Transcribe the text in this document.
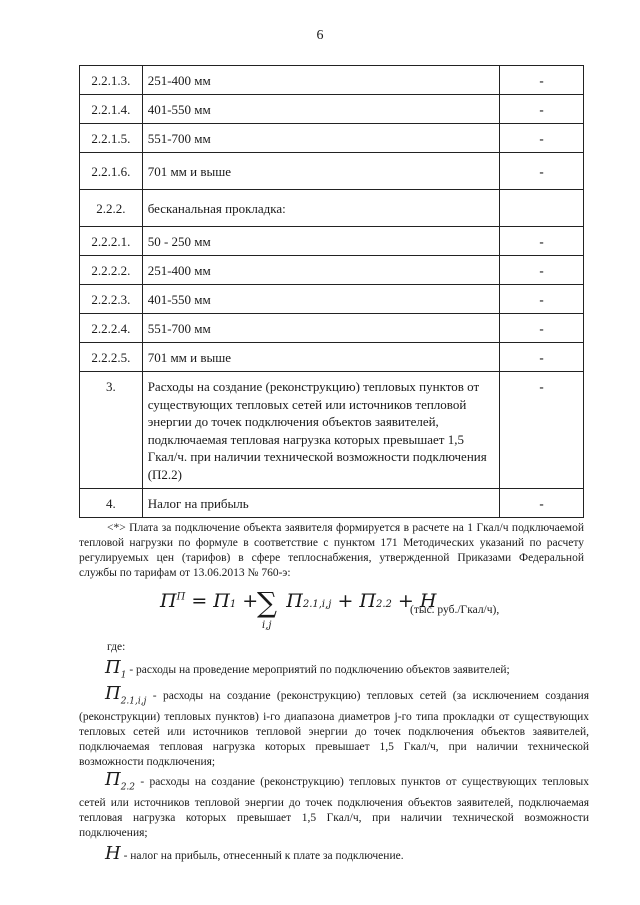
6
2.2.1.3.	251-400 мм	-
2.2.1.4.	401-550 мм	-
2.2.1.5.	551-700 мм	-
2.2.1.6.	701 мм и выше	-
2.2.2.	бесканальная прокладка:	
2.2.2.1.	50 - 250 мм	-
2.2.2.2.	251-400 мм	-
2.2.2.3.	401-550 мм	-
2.2.2.4.	551-700 мм	-
2.2.2.5.	701 мм и выше	-
3.	Расходы на создание (реконструкцию) тепловых пунктов от существующих тепловых сетей или источников тепловой энергии до точек подключения объектов заявителей, подключаемая тепловая нагрузка которых превышает 1,5 Гкал/ч. при наличии технической возможности подключения (П2.2)	-
4.	Налог на прибыль	-
<*> Плата за подключение объекта заявителя формируется в расчете на 1 Гкал/ч подключаемой тепловой нагрузки по формуле в соответствие с пунктом 171 Методических указаний по расчету регулируемых цен (тарифов) в сфере теплоснабжения, утвержденной Приказами Федеральной службы по тарифам от 13.06.2013 № 760-э:
$П^П = П1 + П2.1,i,j + П2.2 + Н$
∑
i,j
(тыс. руб./Гкал/ч),
где:
$П_1$ - расходы на проведение мероприятий по подключению объектов заявителей;
$П_{2.1,i,j}$ - расходы на создание (реконструкцию) тепловых сетей (за исключением создания (реконструкции) тепловых пунктов) i-го диапазона диаметров j-го типа прокладки от существующих тепловых сетей или источников тепловой энергии до точек подключения объектов заявителей, подключаемая тепловая нагрузка которых превышает 1,5 Гкал/ч, при наличии технической возможности подключения;
$П_{2.2}$ - расходы на создание (реконструкцию) тепловых пунктов от существующих тепловых сетей или источников тепловой энергии до точек подключения объектов заявителей, подключаемая тепловая нагрузка которых превышает 1,5 Гкал/ч, при наличии технической возможности подключения;
Н - налог на прибыль, отнесенный к плате за подключение.
